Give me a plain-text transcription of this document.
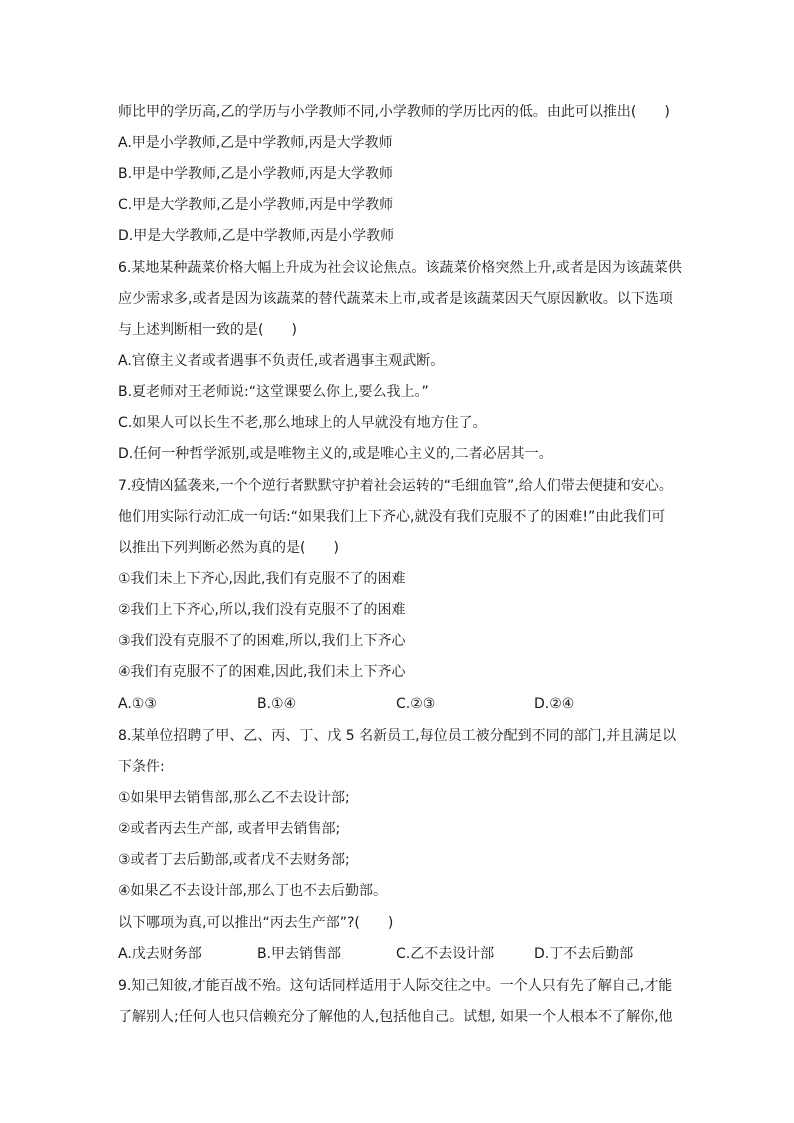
师比甲的学历高,乙的学历与小学教师不同,小学教师的学历比丙的低。由此可以推出(　　)
A.甲是小学教师,乙是中学教师,丙是大学教师
B.甲是中学教师,乙是小学教师,丙是大学教师
C.甲是大学教师,乙是小学教师,丙是中学教师
D.甲是大学教师,乙是中学教师,丙是小学教师
6.某地某种蔬菜价格大幅上升成为社会议论焦点。该蔬菜价格突然上升,或者是因为该蔬菜供
应少需求多,或者是因为该蔬菜的替代蔬菜未上市,或者是该蔬菜因天气原因歉收。以下选项
与上述判断相一致的是(　　)
A.官僚主义者或者遇事不负责任,或者遇事主观武断。
B.夏老师对王老师说:“这堂课要么你上,要么我上。”
C.如果人可以长生不老,那么地球上的人早就没有地方住了。
D.任何一种哲学派别,或是唯物主义的,或是唯心主义的,二者必居其一。
7.疫情凶猛袭来,一个个逆行者默默守护着社会运转的“毛细血管”,给人们带去便捷和安心。
他们用实际行动汇成一句话:“如果我们上下齐心,就没有我们克服不了的困难!”由此我们可
以推出下列判断必然为真的是(　　)
①我们未上下齐心,因此,我们有克服不了的困难
②我们上下齐心,所以,我们没有克服不了的困难
③我们没有克服不了的困难,所以,我们上下齐心
④我们有克服不了的困难,因此,我们未上下齐心
A.①③	B.①④	C.②③	D.②④
8.某单位招聘了甲、乙、丙、丁、戊 5 名新员工,每位员工被分配到不同的部门,并且满足以
下条件:
①如果甲去销售部,那么乙不去设计部;
②或者丙去生产部, 或者甲去销售部;
③或者丁去后勤部,或者戊不去财务部;
④如果乙不去设计部,那么丁也不去后勤部。
以下哪项为真,可以推出“丙去生产部”?(　　)
A.戊去财务部	B.甲去销售部	C.乙不去设计部	D.丁不去后勤部
9.知己知彼,才能百战不殆。这句话同样适用于人际交往之中。一个人只有先了解自己,才能
了解别人;任何人也只信赖充分了解他的人,包括他自己。试想, 如果一个人根本不了解你,他
